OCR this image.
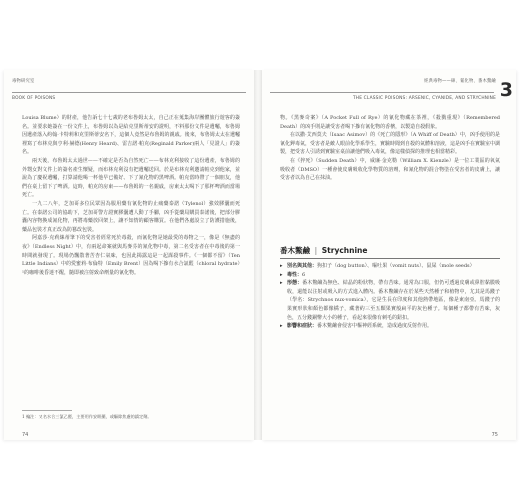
毒物研究室
BOOK OF POISONS

Louisa Blume）的財產，他告訴七十七歲的老布魯姆太太，自己正在蒐集海岸團體旅行遊客的簽名。並要求她簽在一份文件上，布魯姆以為是給克里斯蒂安的證明，不料那份文件是遺囑，布魯姆因遺產落入約翰·卡特莉和克里斯蒂安名下，這個人竟然是布魯姆的親戚。後來，布魯姆太太在遺囑裡寫了布林克與亨利·赫德(Henry Heard)、雷吉諾·帕克(Reginald Parker)兩人「見證人」的簽名。

兩天後，布魯姆太太過世——不確定是否為自然死亡——布林克利接收了這份遺產，布魯姆的外甥女對文件上的簽名產生懷疑，而布林克利沒有把遺囑送回。於是布林克利邀請帕克到他家，並說為了慶祝遺囑，打算請他喝一杯他早已備好、下了氰化物的黑啤酒。帕克當時帶了一個朋友，他們在桌上留下了啤酒。這時，帕克的房東——布魯姆的一名親戚，房東太太喝下了那杯啤酒而當場死亡。

一九二八年，芝加哥多位民眾因為服用藥有氰化物的止痛藥泰諾（Tylenol）強效膠囊而死亡。在泰諾公司的協助下，芝加哥警方證實膠囊遭人動了手腳，凶手從藥局購買泰諾後，把部分膠囊內容物換成氰化物，再將毒藥放回架上，讓不知情的顧客購買。在他們各處設立了防護措施後，藥品包裝才真正改為防篡改包裝。

阿嘉莎·克莉絲蒂筆下的受害者經常死於毒殺，而氰化物是她最愛的毒物之一，像是《無盡的夜》（Endless Night）中，有兩起命案就與馬麥芬的氰化物中毒，第二名受害者在中毒後的第一時間就發現了。現場仍飄散著苦杏仁氣味，也因此揭露這是一起謀殺事件。《一個都不留》（Ten Little Indians）中的愛蜜莉·布倫特（Emily Brent）因為喝下摻有水合氯醛（chloral hydrate）¹的咖啡後昏迷不醒，隨即被注射致命劑量的氰化物。

1 編注：又名水合三氯乙醛，主要用作安眠藥，或驅除焦慮的鎮定劑。
74
經典毒物——砷、氰化物、番木鱉鹼
THE CLASSIC POISONS: ARSENIC, CYANIDE, AND STRYCHNINE 3

物。《黑麥奇案》（A Pocket Full of Rye）的氰化物藏在茶裡，《殺戮重現》（Remembered Death）的凶手則是讓受害者喝下摻有氰化物的香檳，以製造自殺假象。

在以撒·艾西莫夫（Isaac Asimov）的《死亡的隱形》（A Whiff of Death）中，凶手使用的是氰化鉀毒氣，受害者是敵人眼前化學系學生，實驗時聞到自殺的氣體和溶液，這是凶手在實驗室中調製，把受害人引誘到實驗室桌前讓他們吸入毒氣，像這樣偵探的推理也相當精彩。

在《猝死》（Sudden Death）中，威廉·金克勒（William X. Kienzle）是一位工業區的氧氣吸收者（DMSO）一種會使皮膚吸收化學物質的溶劑，和氰化物的混合物塗在受害者的皮膚上，讓受害者以為自己在抹油。

番木鱉鹼 | Strychnine
▸ 別名與其他：狗扣子（dog button）、嘔吐果（vomit nuts）、鼠屎（mole seeds）
▸ 毒性：6
▸ 形態：番木鱉鹼為無色、結晶的粉狀物，帶有苦味。通常為口服，但仍可透過皮膚或鼻腔黏膜吸收，還能以注射或吸入的方式進入體內。番木鱉鹼存在於某些天然種子和植物中，尤其是馬錢子（學名：Strychnos nux-vomica），它是生長在印度和其他熱帶地區，像是東南亞。馬錢子的果實形狀和顏色都像橘子，藏著約三至五顆果實般扁平的灰色種子。每個種子都帶有苦味，灰色，五分錢銅幣大小的種子，看起來很像有刺毛的鈕扣。
▸ 影響和症狀：番木鱉鹼會侵害中樞神經系統，造成過度反射作用。
75
